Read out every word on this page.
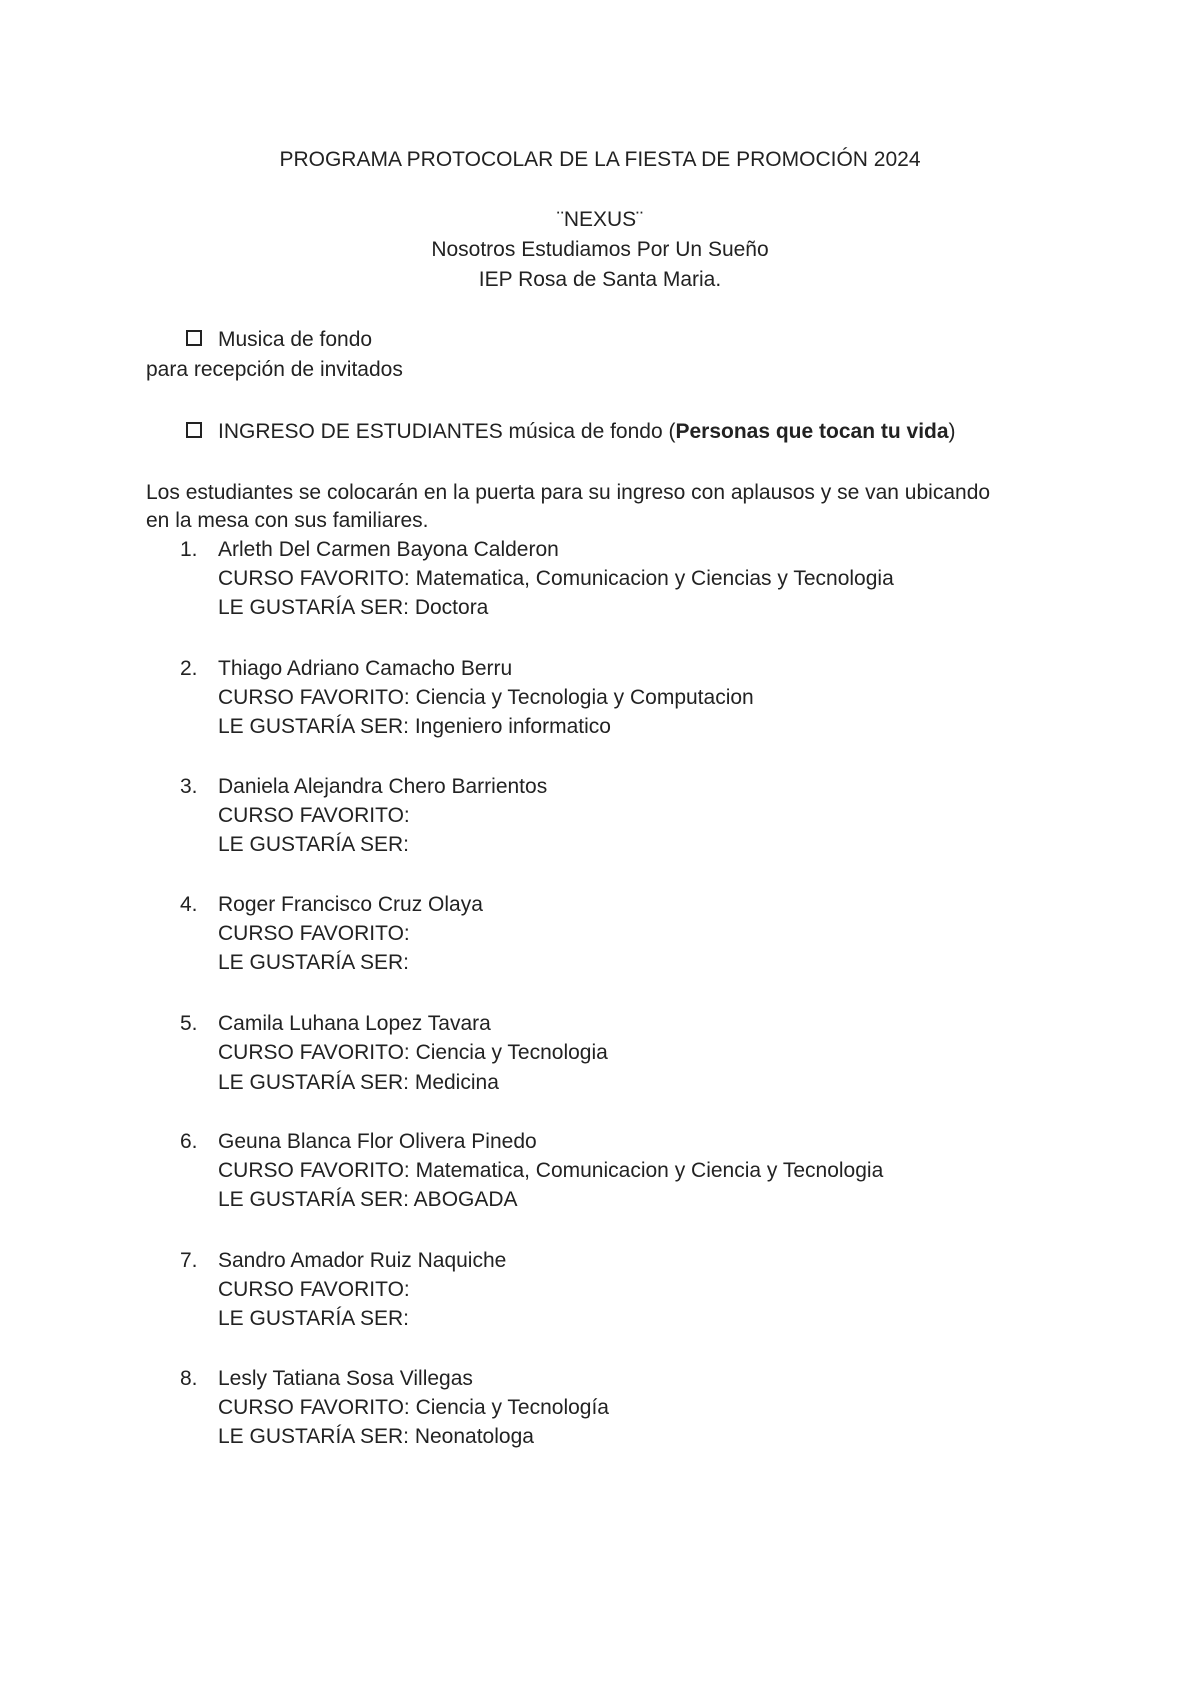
PROGRAMA PROTOCOLAR DE LA FIESTA DE PROMOCIÓN 2024
¨NEXUS¨
Nosotros Estudiamos Por Un Sueño
IEP Rosa de Santa Maria.
Musica de fondo
para recepción de invitados
INGRESO DE ESTUDIANTES música de fondo (Personas que tocan tu vida)
Los estudiantes se colocarán en la puerta para su ingreso con aplausos y se van ubicando
en la mesa con sus familiares.
1. Arleth Del Carmen Bayona Calderon
CURSO FAVORITO: Matematica, Comunicacion y Ciencias y Tecnologia
LE GUSTARÍA SER: Doctora
2. Thiago Adriano Camacho Berru
CURSO FAVORITO: Ciencia y Tecnologia y Computacion
LE GUSTARÍA SER: Ingeniero informatico
3. Daniela Alejandra Chero Barrientos
CURSO FAVORITO:
LE GUSTARÍA SER:
4. Roger Francisco Cruz Olaya
CURSO FAVORITO:
LE GUSTARÍA SER:
5. Camila Luhana Lopez Tavara
CURSO FAVORITO: Ciencia y Tecnologia
LE GUSTARÍA SER: Medicina
6. Geuna Blanca Flor Olivera Pinedo
CURSO FAVORITO: Matematica, Comunicacion y Ciencia y Tecnologia
LE GUSTARÍA SER: ABOGADA
7. Sandro Amador Ruiz Naquiche
CURSO FAVORITO:
LE GUSTARÍA SER:
8. Lesly Tatiana Sosa Villegas
CURSO FAVORITO: Ciencia y Tecnología
LE GUSTARÍA SER: Neonatologa
